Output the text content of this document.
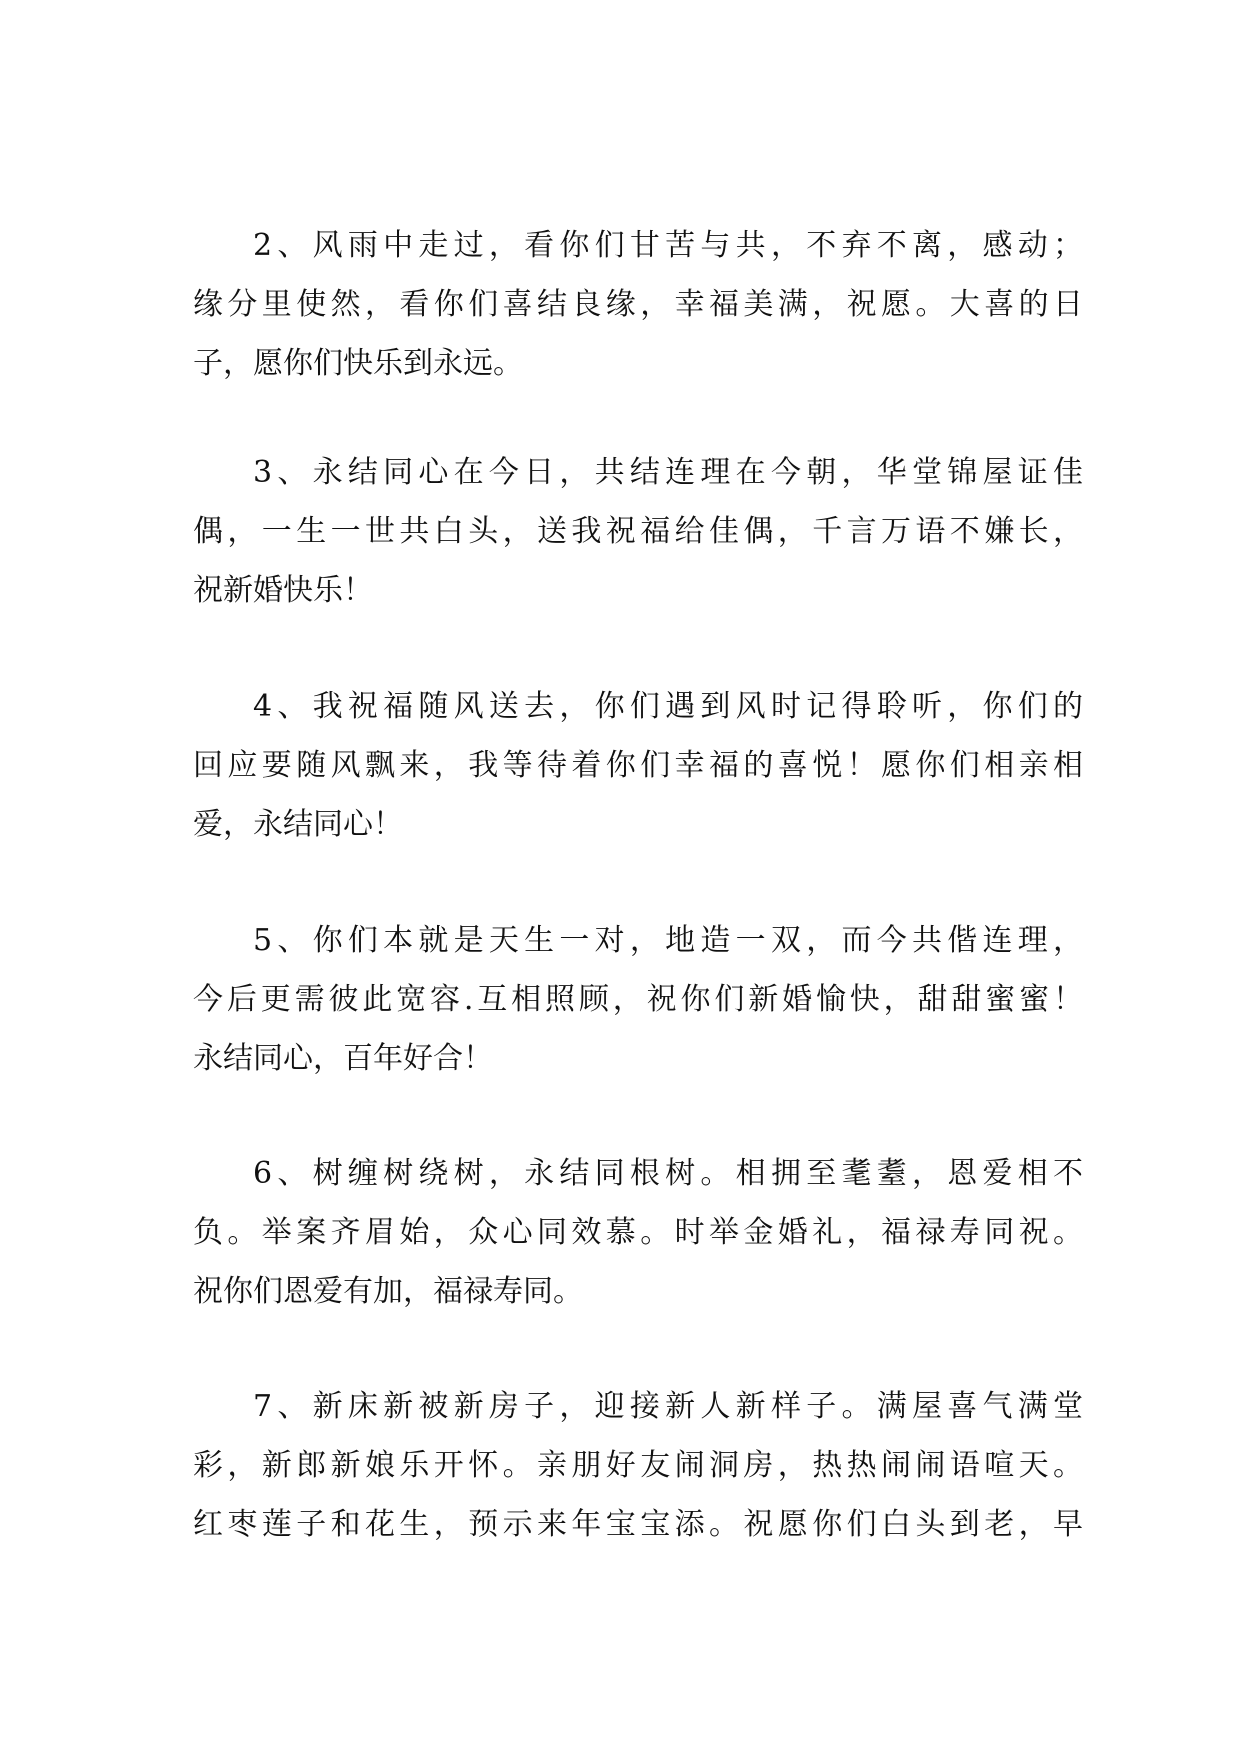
2、风雨中走过，看你们甘苦与共，不弃不离，感动；
缘分里使然，看你们喜结良缘，幸福美满，祝愿。大喜的日
子，愿你们快乐到永远。

3、永结同心在今日，共结连理在今朝，华堂锦屋证佳
偶，一生一世共白头，送我祝福给佳偶，千言万语不嫌长，
祝新婚快乐！

4、我祝福随风送去，你们遇到风时记得聆听，你们的
回应要随风飘来，我等待着你们幸福的喜悦！愿你们相亲相
爱，永结同心！

5、你们本就是天生一对，地造一双，而今共偕连理，
今后更需彼此宽容.互相照顾，祝你们新婚愉快，甜甜蜜蜜！
永结同心，百年好合！

6、树缠树绕树，永结同根树。相拥至耄耋，恩爱相不
负。举案齐眉始，众心同效慕。时举金婚礼，福禄寿同祝。
祝你们恩爱有加，福禄寿同。

7、新床新被新房子，迎接新人新样子。满屋喜气满堂
彩，新郎新娘乐开怀。亲朋好友闹洞房，热热闹闹语喧天。
红枣莲子和花生，预示来年宝宝添。祝愿你们白头到老，早
